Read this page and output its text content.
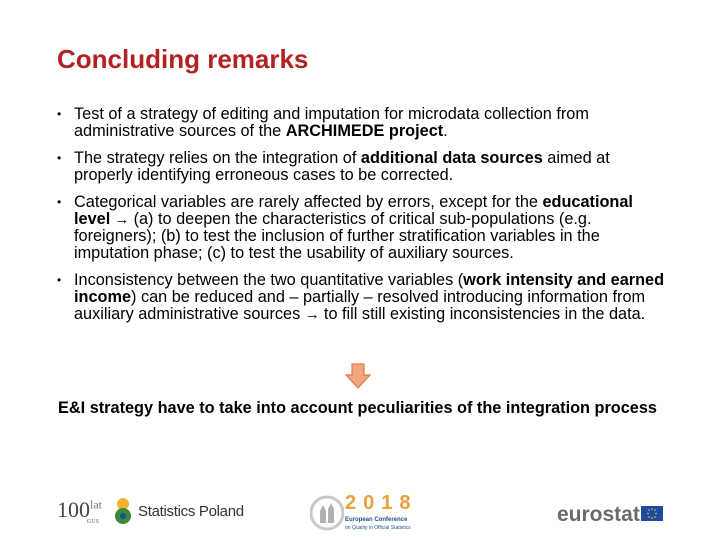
Concluding remarks
• Test of a strategy of editing and imputation for microdata collection from administrative sources of the ARCHIMEDE project.
• The strategy relies on the integration of additional data sources aimed at properly identifying erroneous cases to be corrected.
• Categorical variables are rarely affected by errors, except for the educational level → (a) to deepen the characteristics of critical sub-populations (e.g. foreigners); (b) to test the inclusion of further stratification variables in the imputation phase; (c) to test the usability of auxiliary sources.
• Inconsistency between the two quantitative variables (work intensity and earned income) can be reduced and – partially – resolved introducing information from auxiliary administrative sources → to fill still existing inconsistencies in the data.
E&I strategy have to take into account peculiarities of the integration process
$100^{lat}$
GUS
Statistics Poland	2018
European Conference
on Quality in Official Statistics
eurostat
